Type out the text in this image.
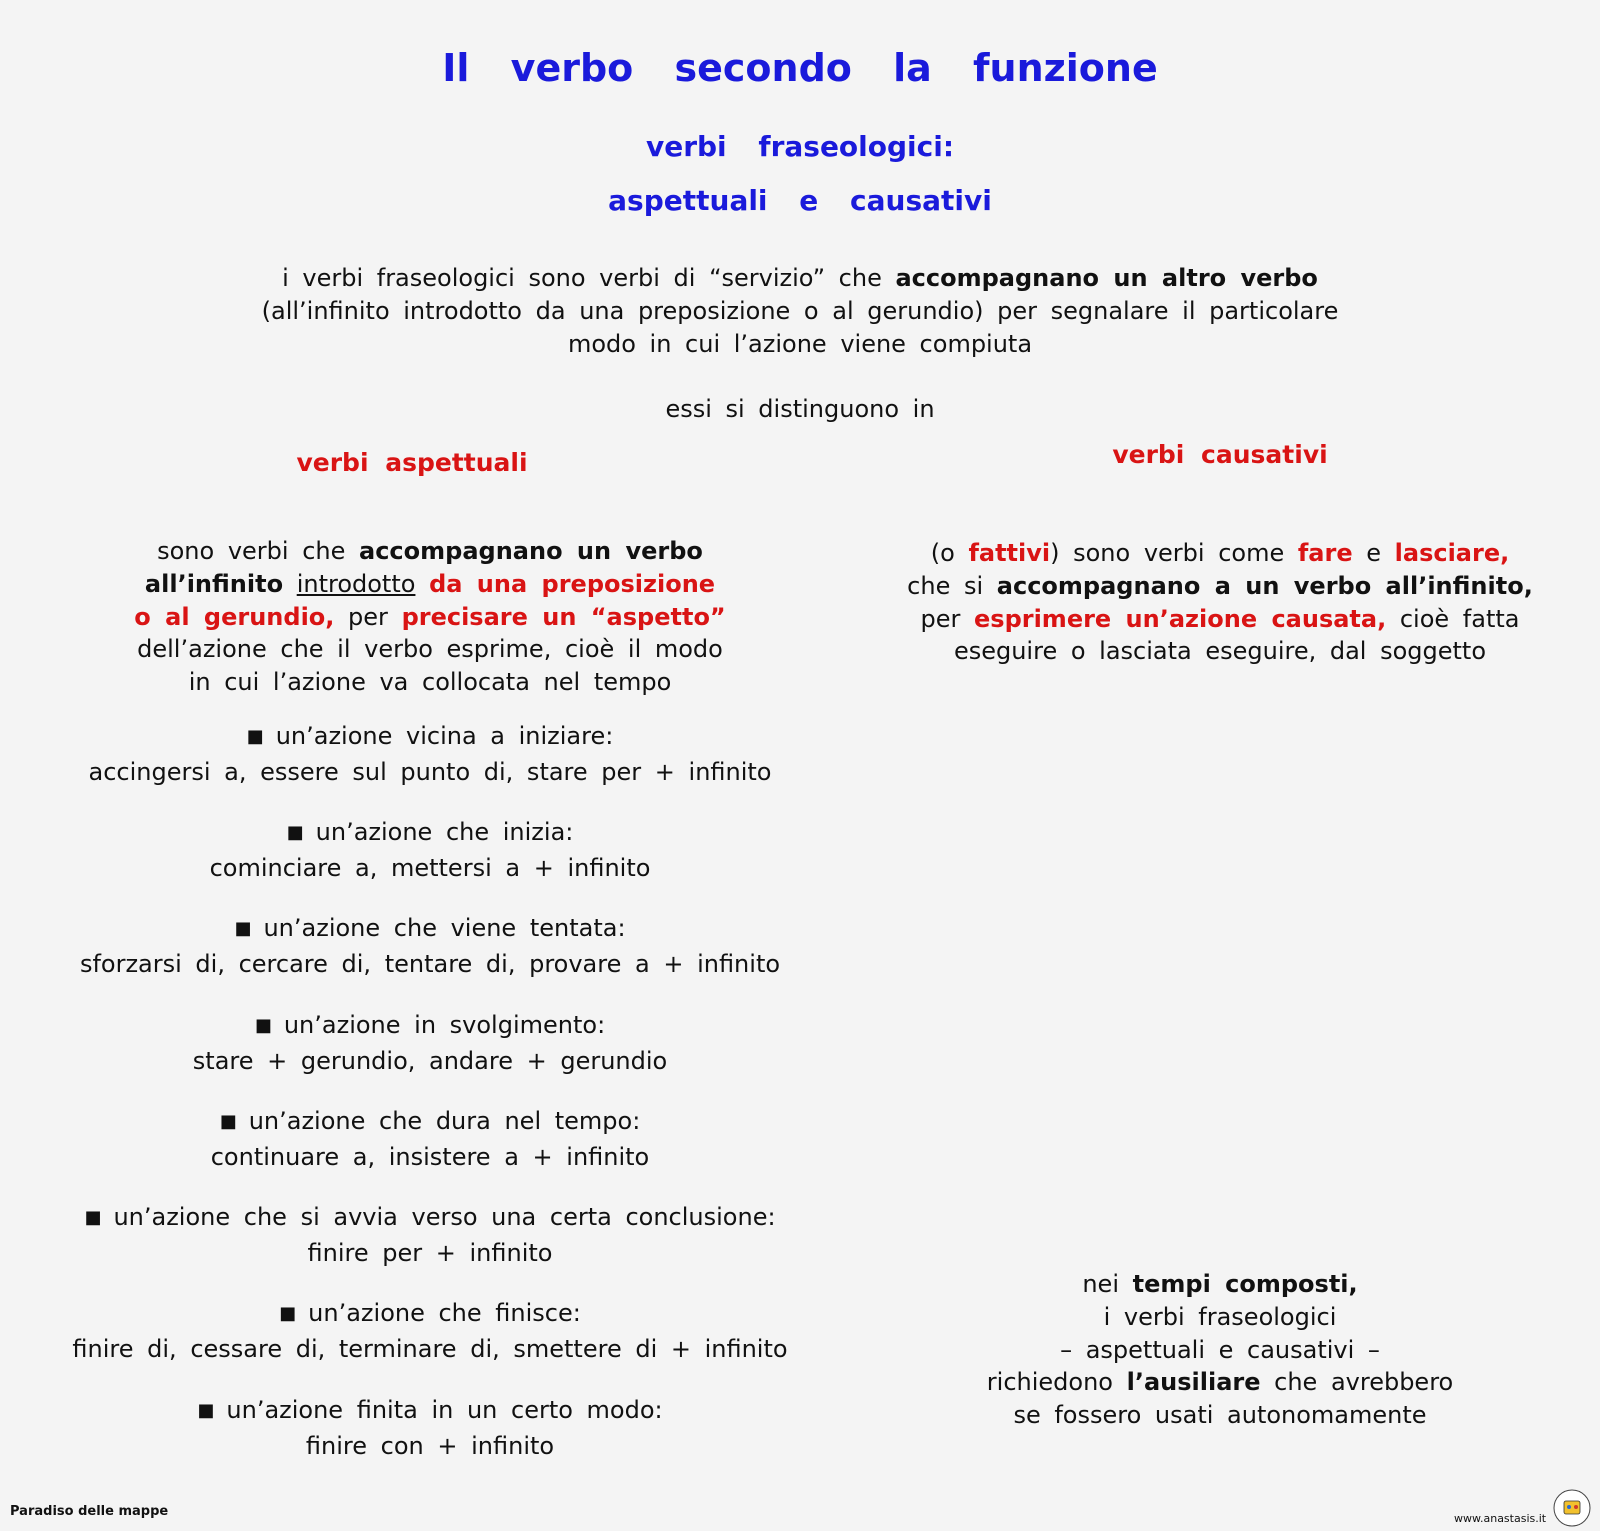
Il verbo secondo la funzione
verbi fraseologici:
aspettuali e causativi
i verbi fraseologici sono verbi di “servizio” che accompagnano un altro verbo
(all’infinito introdotto da una preposizione o al gerundio) per segnalare il particolare
modo in cui l’azione viene compiuta
essi si distinguono in
verbi aspettuali	verbi causativi
sono verbi che accompagnano un verbo
all’infinito introdotto da una preposizione
o al gerundio, per precisare un “aspetto”
dell’azione che il verbo esprime, cioè il modo
in cui l’azione va collocata nel tempo
■ un’azione vicina a iniziare:
accingersi a, essere sul punto di, stare per + infinito
■ un’azione che inizia:
cominciare a, mettersi a + infinito
■ un’azione che viene tentata:
sforzarsi di, cercare di, tentare di, provare a + infinito
■ un’azione in svolgimento:
stare + gerundio, andare + gerundio
■ un’azione che dura nel tempo:
continuare a, insistere a + infinito
■ un’azione che si avvia verso una certa conclusione:
finire per + infinito
■ un’azione che finisce:
finire di, cessare di, terminare di, smettere di + infinito
■ un’azione finita in un certo modo:
finire con + infinito
(o fattivi) sono verbi come fare e lasciare,
che si accompagnano a un verbo all’infinito,
per esprimere un’azione causata, cioè fatta
eseguire o lasciata eseguire, dal soggetto
nei tempi composti,
i verbi fraseologici
– aspettuali e causativi –
richiedono l’ausiliare che avrebbero
se fossero usati autonomamente
Paradiso delle mappe	www.anastasis.it
